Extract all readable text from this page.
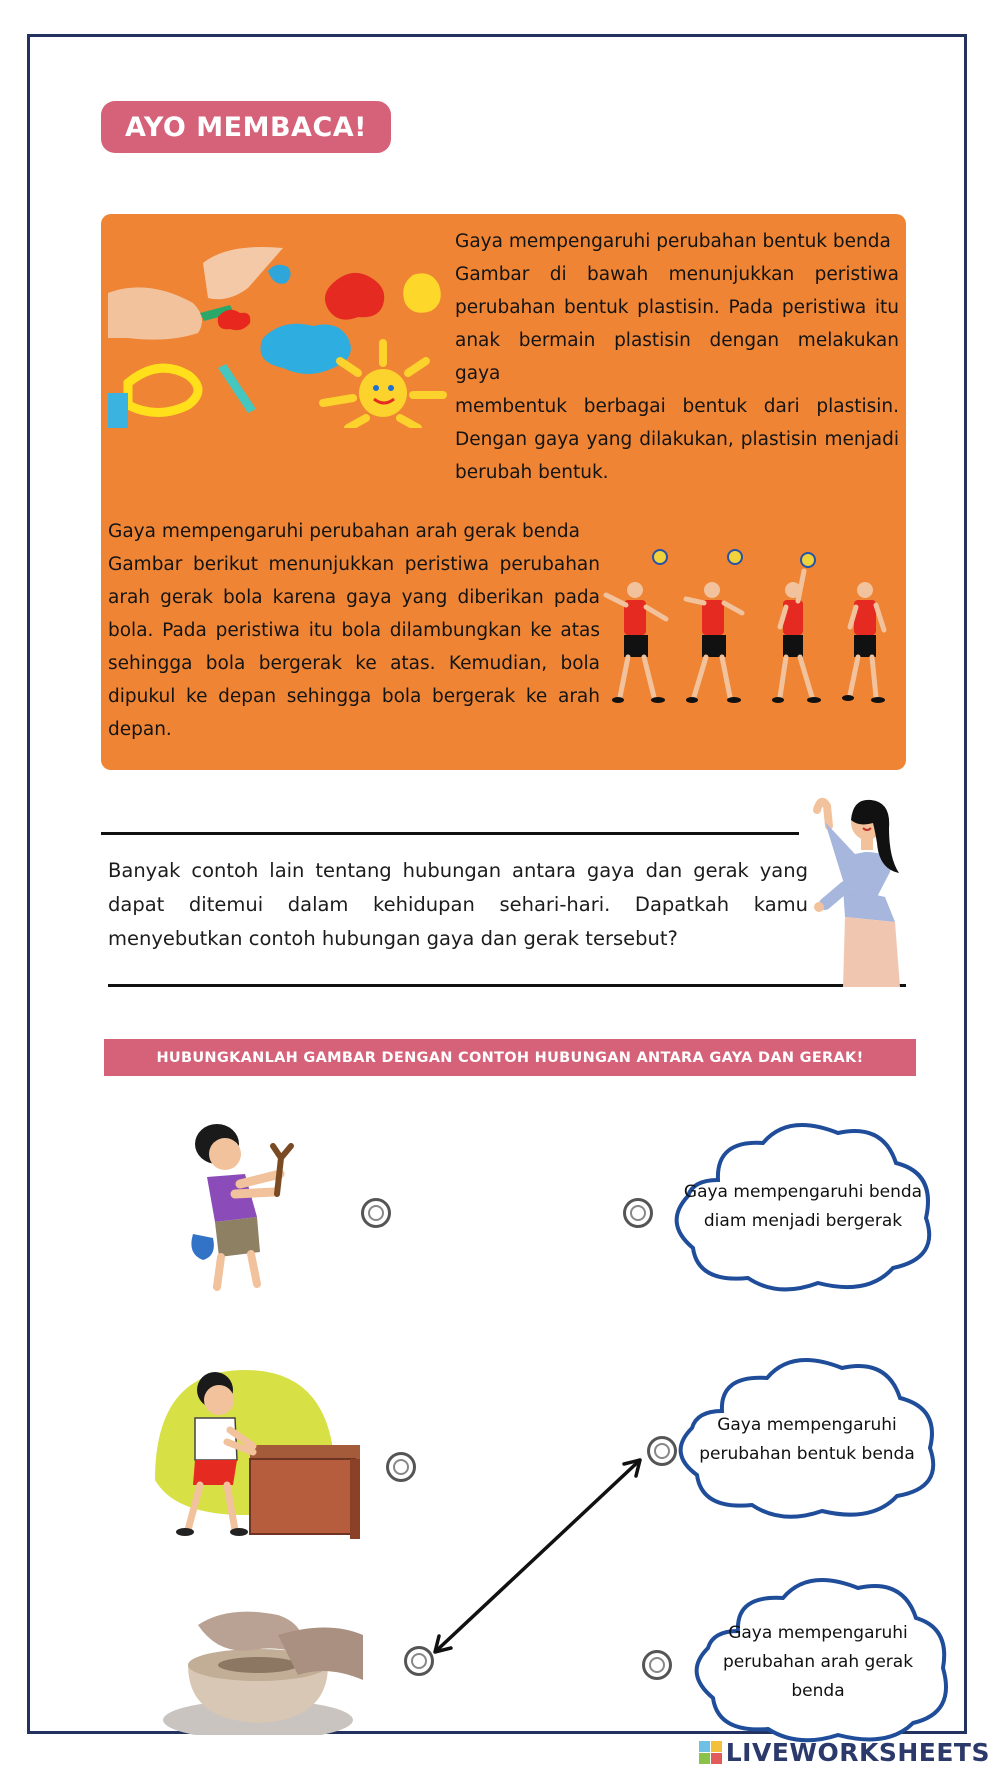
AYO MEMBACA!

Gaya mempengaruhi perubahan bentuk benda

Gambar di bawah menunjukkan peristiwa

perubahan bentuk plastisin. Pada peristiwa itu

anak bermain plastisin dengan melakukan gaya

membentuk berbagai bentuk dari plastisin.

Dengan gaya yang dilakukan, plastisin menjadi

berubah bentuk.

Gaya mempengaruhi perubahan arah gerak benda

Gambar berikut menunjukkan peristiwa perubahan

arah gerak bola karena gaya yang diberikan pada

bola. Pada peristiwa itu bola dilambungkan ke atas

sehingga bola bergerak ke atas. Kemudian, bola

dipukul ke depan sehingga bola bergerak ke arah

depan.

Banyak contoh lain tentang hubungan antara gaya dan gerak yang

dapat ditemui dalam kehidupan sehari-hari. Dapatkah kamu

menyebutkan contoh hubungan gaya dan gerak tersebut?

HUBUNGKANLAH GAMBAR DENGAN CONTOH HUBUNGAN ANTARA GAYA DAN GERAK!

Gaya mempengaruhi benda

diam menjadi bergerak

Gaya mempengaruhi

perubahan bentuk benda

Gaya mempengaruhi

perubahan arah gerak

benda

LIVEWORKSHEETS
